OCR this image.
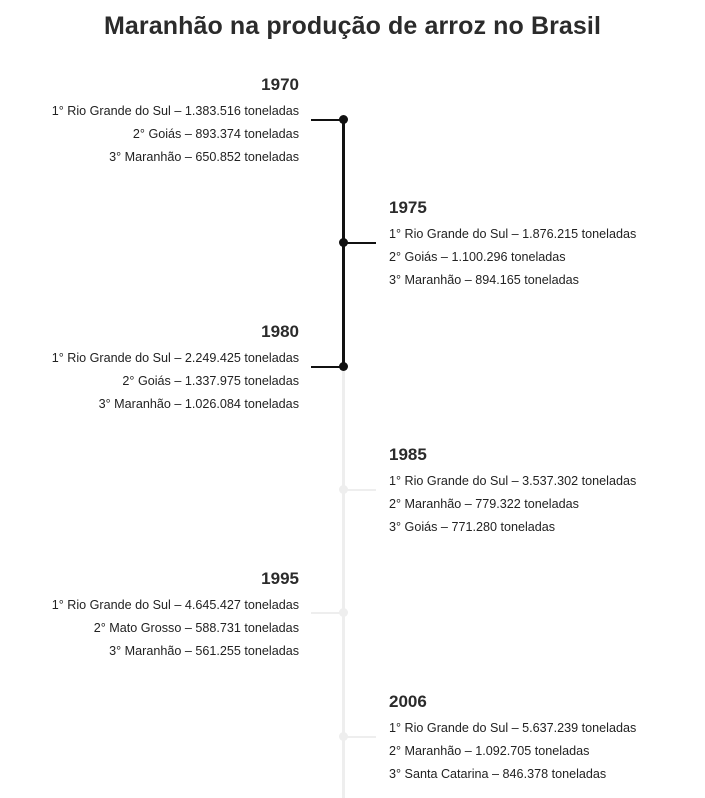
Maranhão na produção de arroz no Brasil
1970
1° Rio Grande do Sul – 1.383.516 toneladas
2° Goiás – 893.374 toneladas
3° Maranhão – 650.852 toneladas
1975
1° Rio Grande do Sul – 1.876.215 toneladas
2° Goiás – 1.100.296 toneladas
3° Maranhão – 894.165 toneladas
1980
1° Rio Grande do Sul – 2.249.425 toneladas
2° Goiás – 1.337.975 toneladas
3° Maranhão – 1.026.084 toneladas
1985
1° Rio Grande do Sul – 3.537.302 toneladas
2° Maranhão – 779.322 toneladas
3° Goiás – 771.280 toneladas
1995
1° Rio Grande do Sul – 4.645.427 toneladas
2° Mato Grosso – 588.731 toneladas
3° Maranhão – 561.255 toneladas
2006
1° Rio Grande do Sul – 5.637.239 toneladas
2° Maranhão – 1.092.705 toneladas
3° Santa Catarina – 846.378 toneladas
